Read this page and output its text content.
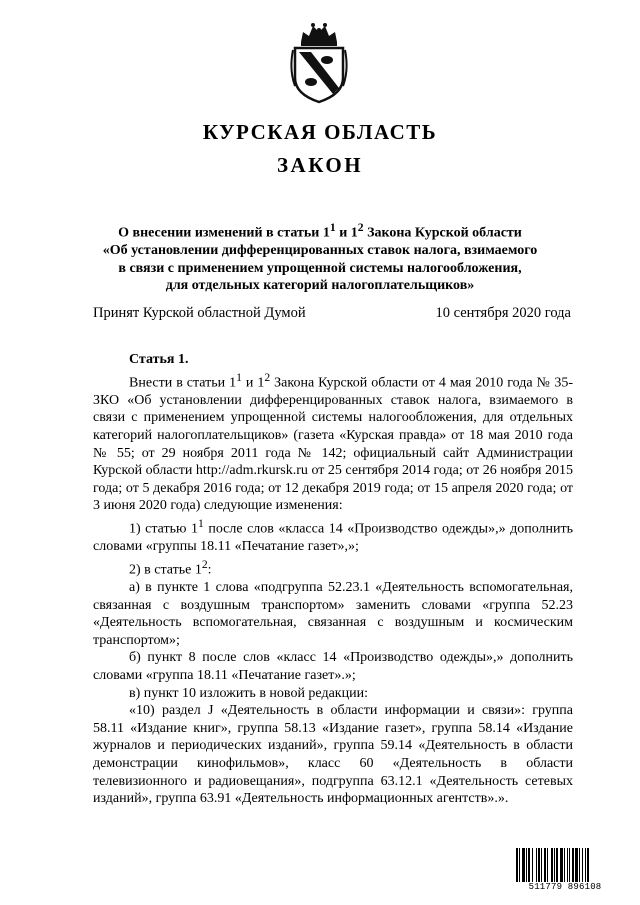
КУРСКАЯ ОБЛАСТЬ
ЗАКОН
О внесении изменений в статьи $1^1$ и $1^2$ Закона Курской области
«Об установлении дифференцированных ставок налога, взимаемого
в связи с применением упрощенной системы налогообложения,
для отдельных категорий налогоплательщиков»
Принят Курской областной Думой	10 сентября 2020 года
Статья 1.

Внести в статьи $1^1$ и $1^2$ Закона Курской области от 4 мая 2010 года № 35-ЗКО «Об установлении дифференцированных ставок налога, взимаемого в связи с применением упрощенной системы налогообложения, для отдельных категорий налогоплательщиков» (газета «Курская правда» от 18 мая 2010 года № 55; от 29 ноября 2011 года № 142; официальный сайт Администрации Курской области http://adm.rkursk.ru от 25 сентября 2014 года; от 26 ноября 2015 года; от 5 декабря 2016 года; от 12 декабря 2019 года; от 15 апреля 2020 года; от 3 июня 2020 года) следующие изменения:

1) статью $1^1$ после слов «класса 14 «Производство одежды»,» дополнить словами «группы 18.11 «Печатание газет»,»;

2) в статье $1^2$:

а) в пункте 1 слова «подгруппа 52.23.1 «Деятельность вспомогательная, связанная с воздушным транспортом» заменить словами «группа 52.23 «Деятельность вспомогательная, связанная с воздушным и космическим транспортом»;

б) пункт 8 после слов «класс 14 «Производство одежды»,» дополнить словами «группа 18.11 «Печатание газет».»;

в) пункт 10 изложить в новой редакции:

«10) раздел J «Деятельность в области информации и связи»: группа 58.11 «Издание книг», группа 58.13 «Издание газет», группа 58.14 «Издание журналов и периодических изданий», группа 59.14 «Деятельность в области демонстрации кинофильмов», класс 60 «Деятельность в области телевизионного и радиовещания», подгруппа 63.12.1 «Деятельность сетевых изданий», группа 63.91 «Деятельность информационных агентств».».

511779 896108
